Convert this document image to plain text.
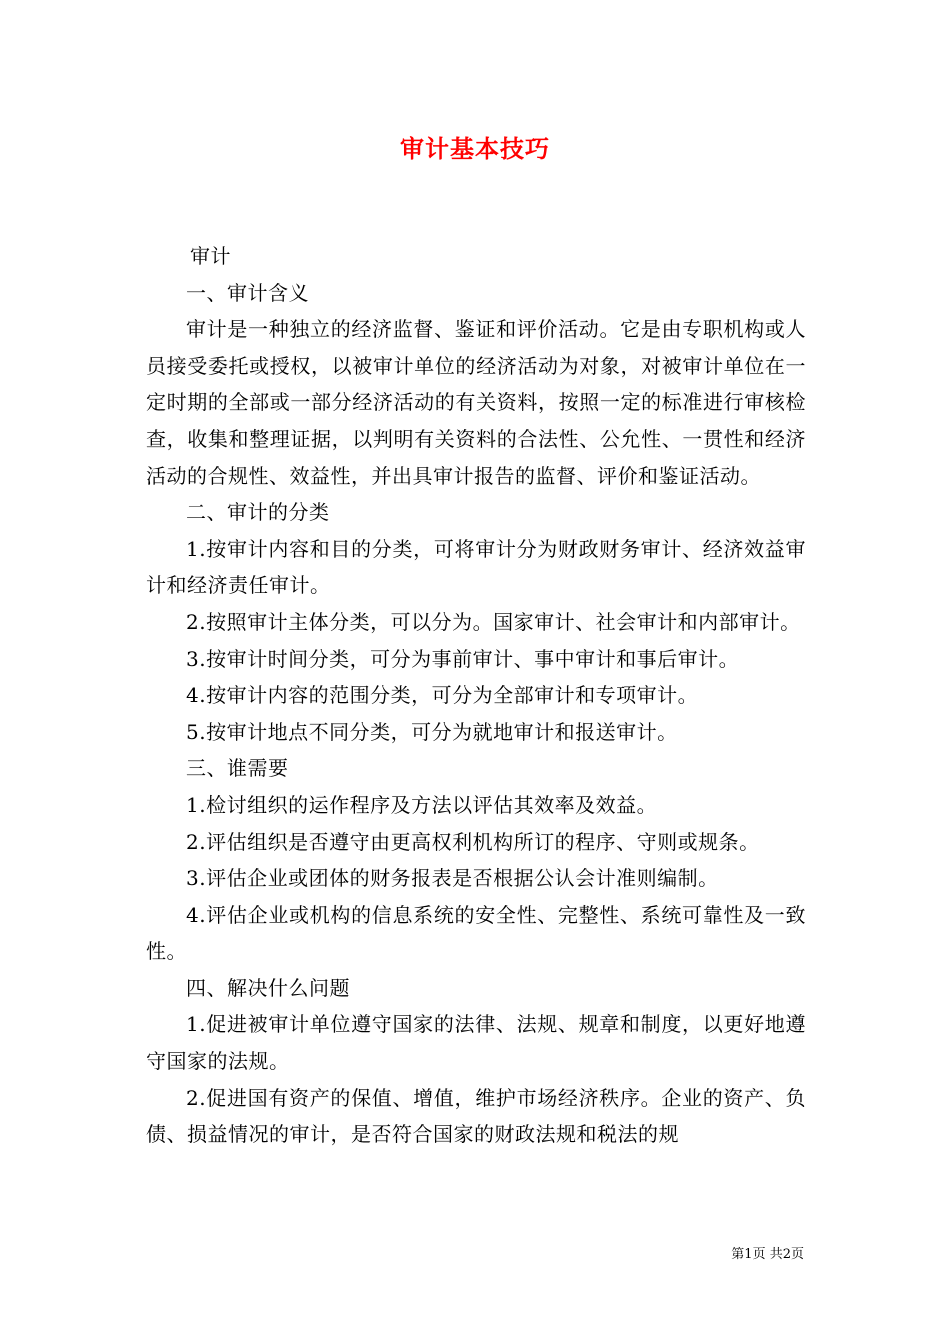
审计基本技巧

审计

一、审计含义

审计是一种独立的经济监督、鉴证和评价活动。它是由专职机构或人员接受委托或授权，以被审计单位的经济活动为对象，对被审计单位在一定时期的全部或一部分经济活动的有关资料，按照一定的标准进行审核检查，收集和整理证据，以判明有关资料的合法性、公允性、一贯性和经济活动的合规性、效益性，并出具审计报告的监督、评价和鉴证活动。

二、审计的分类

1.按审计内容和目的分类，可将审计分为财政财务审计、经济效益审计和经济责任审计。

2.按照审计主体分类，可以分为。国家审计、社会审计和内部审计。

3.按审计时间分类，可分为事前审计、事中审计和事后审计。

4.按审计内容的范围分类，可分为全部审计和专项审计。

5.按审计地点不同分类，可分为就地审计和报送审计。

三、谁需要

1.检讨组织的运作程序及方法以评估其效率及效益。

2.评估组织是否遵守由更高权利机构所订的程序、守则或规条。

3.评估企业或团体的财务报表是否根据公认会计准则编制。

4.评估企业或机构的信息系统的安全性、完整性、系统可靠性及一致性。

四、解决什么问题

1.促进被审计单位遵守国家的法律、法规、规章和制度，以更好地遵守国家的法规。

2.促进国有资产的保值、增值，维护市场经济秩序。企业的资产、负债、损益情况的审计，是否符合国家的财政法规和税法的规

第1页 共2页
